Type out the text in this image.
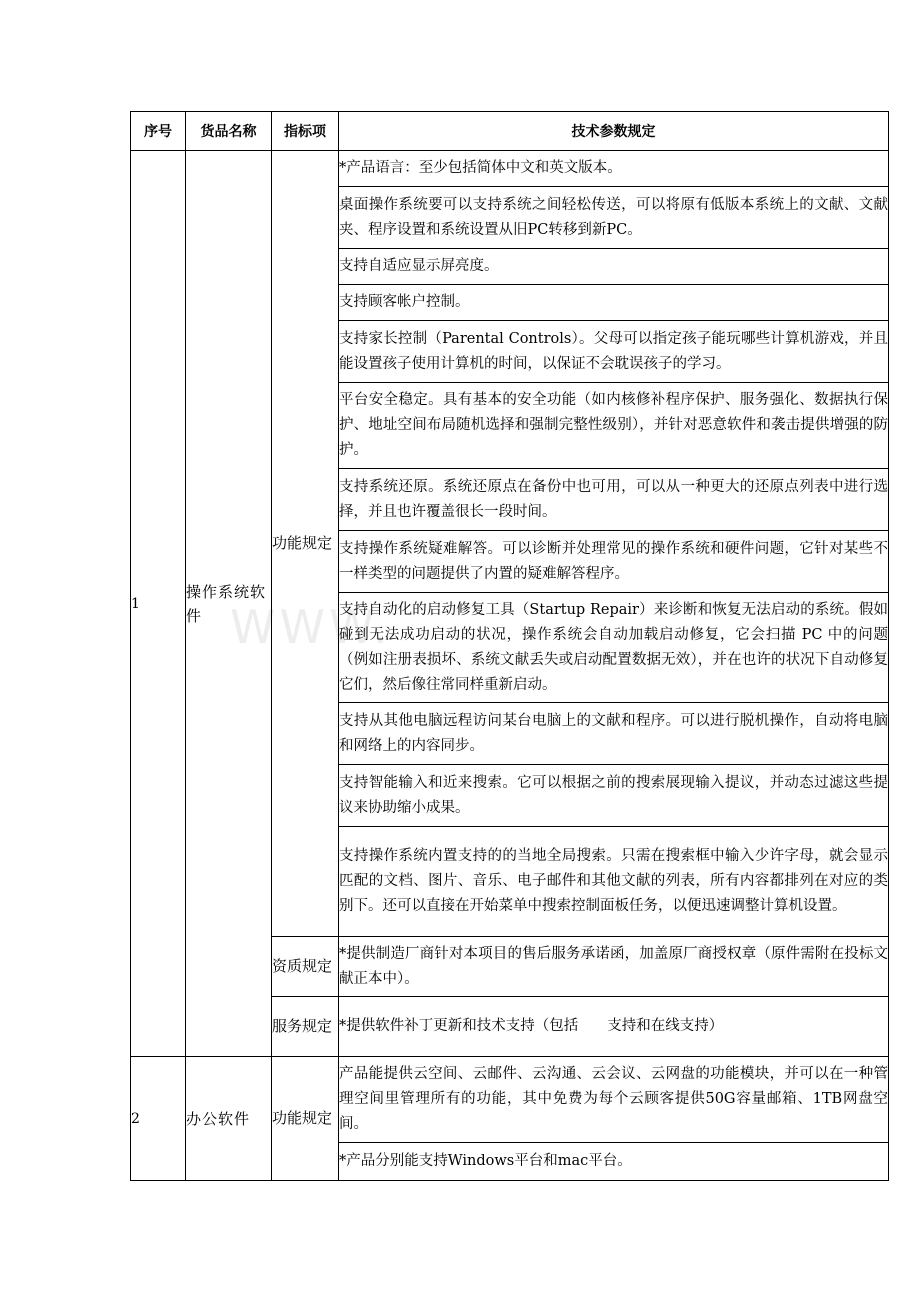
序号	货品名称	指标项	技术参数规定
1	操作系统软件	功能规定	*产品语言：至少包括简体中文和英文版本。
			桌面操作系统要可以支持系统之间轻松传送，可以将原有低版本系统上的文献、文献夹、程序设置和系统设置从旧PC转移到新PC。
			支持自适应显示屏亮度。
			支持顾客帐户控制。
			支持家长控制（Parental Controls）。父母可以指定孩子能玩哪些计算机游戏，并且能设置孩子使用计算机的时间，以保证不会耽误孩子的学习。
			平台安全稳定。具有基本的安全功能（如内核修补程序保护、服务强化、数据执行保护、地址空间布局随机选择和强制完整性级别），并针对恶意软件和袭击提供增强的防护。
			支持系统还原。系统还原点在备份中也可用，可以从一种更大的还原点列表中进行选择，并且也许覆盖很长一段时间。
			支持操作系统疑难解答。可以诊断并处理常见的操作系统和硬件问题，它针对某些不一样类型的问题提供了内置的疑难解答程序。
			支持自动化的启动修复工具（Startup Repair）来诊断和恢复无法启动的系统。假如碰到无法成功启动的状况，操作系统会自动加载启动修复，它会扫描 PC 中的问题（例如注册表损坏、系统文献丢失或启动配置数据无效），并在也许的状况下自动修复它们，然后像往常同样重新启动。
			支持从其他电脑远程访问某台电脑上的文献和程序。可以进行脱机操作，自动将电脑和网络上的内容同步。
			支持智能输入和近来搜索。它可以根据之前的搜索展现输入提议，并动态过滤这些提议来协助缩小成果。
			支持操作系统内置支持的的当地全局搜索。只需在搜索框中输入少许字母，就会显示匹配的文档、图片、音乐、电子邮件和其他文献的列表，所有内容都排列在对应的类别下。还可以直接在开始菜单中搜索控制面板任务，以便迅速调整计算机设置。
		资质规定	*提供制造厂商针对本项目的售后服务承诺函，加盖原厂商授权章（原件需附在投标文献正本中）。
		服务规定	*提供软件补丁更新和技术支持（包括　　支持和在线支持）
2	办公软件	功能规定	产品能提供云空间、云邮件、云沟通、云会议、云网盘的功能模块，并可以在一种管理空间里管理所有的功能，其中免费为每个云顾客提供50G容量邮箱、1TB网盘空间。
			*产品分别能支持Windows平台和mac平台。
WWW.
